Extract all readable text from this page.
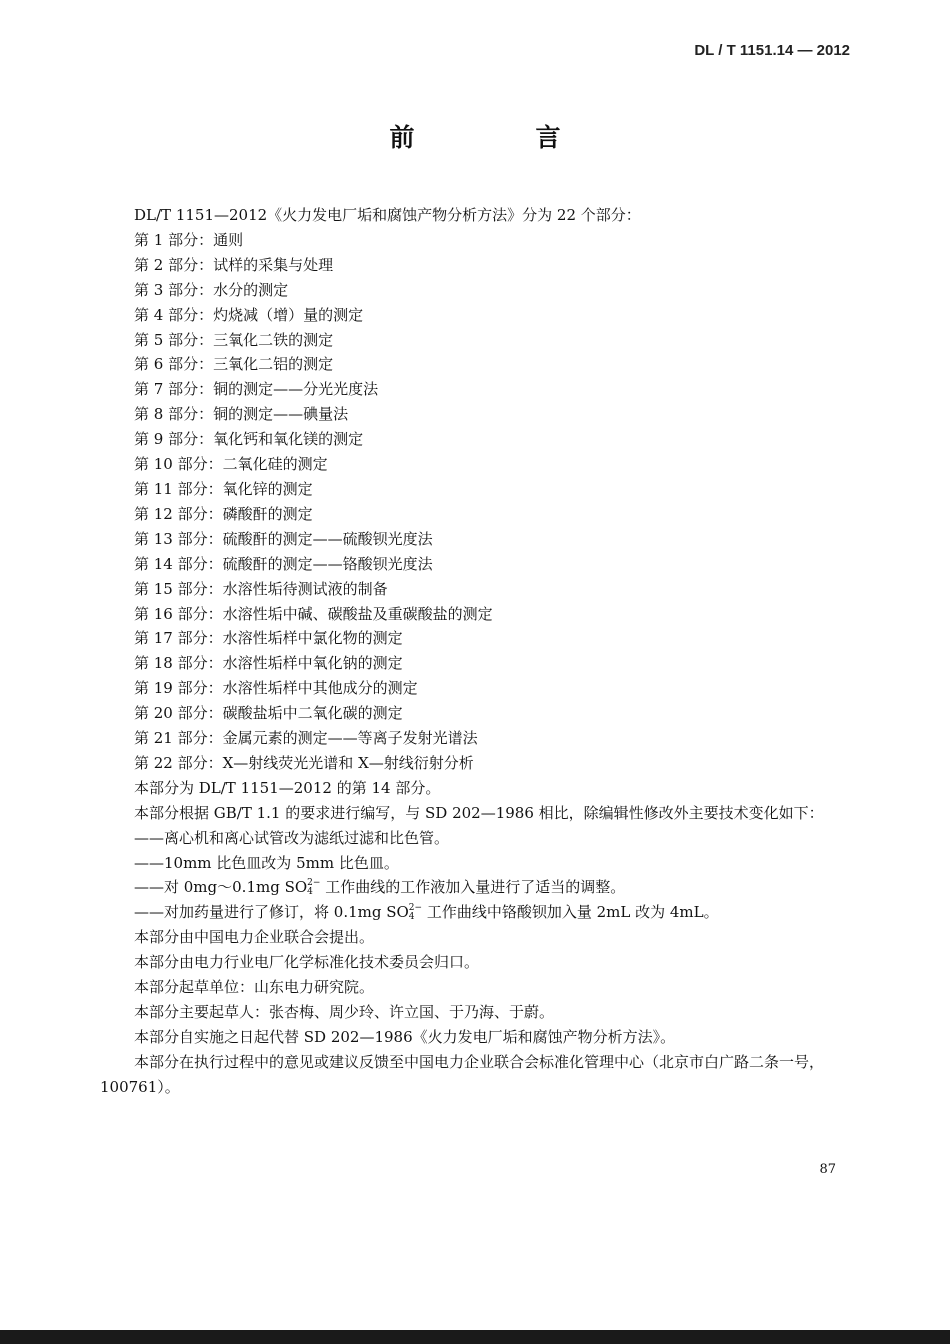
DL / T 1151.14 — 2012
前　言
DL/T 1151—2012《火力发电厂垢和腐蚀产物分析方法》分为 22 个部分：
第 1 部分：通则
第 2 部分：试样的采集与处理
第 3 部分：水分的测定
第 4 部分：灼烧减（增）量的测定
第 5 部分：三氧化二铁的测定
第 6 部分：三氧化二铝的测定
第 7 部分：铜的测定——分光光度法
第 8 部分：铜的测定——碘量法
第 9 部分：氧化钙和氧化镁的测定
第 10 部分：二氧化硅的测定
第 11 部分：氧化锌的测定
第 12 部分：磷酸酐的测定
第 13 部分：硫酸酐的测定——硫酸钡光度法
第 14 部分：硫酸酐的测定——铬酸钡光度法
第 15 部分：水溶性垢待测试液的制备
第 16 部分：水溶性垢中碱、碳酸盐及重碳酸盐的测定
第 17 部分：水溶性垢样中氯化物的测定
第 18 部分：水溶性垢样中氧化钠的测定
第 19 部分：水溶性垢样中其他成分的测定
第 20 部分：碳酸盐垢中二氧化碳的测定
第 21 部分：金属元素的测定——等离子发射光谱法
第 22 部分：X—射线荧光光谱和 X—射线衍射分析
本部分为 DL/T 1151—2012 的第 14 部分。
本部分根据 GB/T 1.1 的要求进行编写，与 SD 202—1986 相比，除编辑性修改外主要技术变化如下：
——离心机和离心试管改为滤纸过滤和比色管。
——10mm 比色皿改为 5mm 比色皿。
——对 0mg～0.1mg SO 2−
4 工作曲线的工作液加入量进行了适当的调整。
——对加药量进行了修订，将 0.1mg SO 2−
4 工作曲线中铬酸钡加入量 2mL 改为 4mL。
本部分由中国电力企业联合会提出。
本部分由电力行业电厂化学标准化技术委员会归口。
本部分起草单位：山东电力研究院。
本部分主要起草人：张杏梅、周少玲、许立国、于乃海、于蔚。
本部分自实施之日起代替 SD 202—1986《火力发电厂垢和腐蚀产物分析方法》。
本部分在执行过程中的意见或建议反馈至中国电力企业联合会标准化管理中心（北京市白广路二条一号，100761）。
87
